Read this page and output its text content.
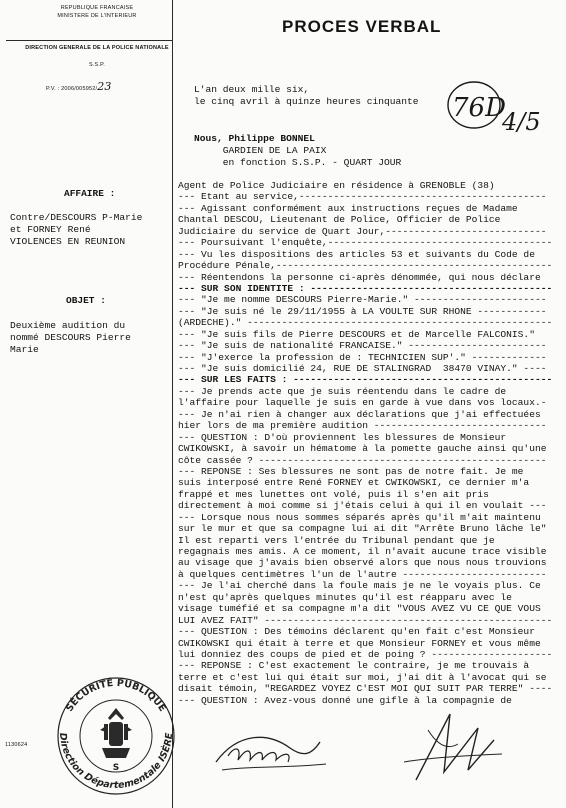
REPUBLIQUE FRANCAISE
MINISTERE DE L'INTERIEUR
DIRECTION GENERALE DE LA POLICE NATIONALE
S.S.P.
P.V. : 2006/005952/23
PROCES VERBAL
76D
4/5
L'an deux mille six,
le cinq avril à quinze heures cinquante
Nous, Philippe BONNEL
GARDIEN DE LA PAIX
en fonction S.S.P. - QUART JOUR
AFFAIRE :
Contre/DESCOURS P-Marie
et FORNEY René
VIOLENCES EN REUNION
OBJET :
Deuxième audition du
nommé DESCOURS Pierre
Marie
Agent de Police Judiciaire en résidence à GRENOBLE (38)
--- Etant au service,-------------------------------------------
--- Agissant conformément aux instructions reçues de Madame
Chantal DESCOU, Lieutenant de Police, Officier de Police
Judiciaire du service de Quart Jour,----------------------------
--- Poursuivant l'enquête,---------------------------------------
--- Vu les dispositions des articles 53 et suivants du Code de
Procédure Pénale,------------------------------------------------
--- Réentendons la personne ci-après dénommée, qui nous déclare
--- SUR SON IDENTITE : ------------------------------------------
--- "Je me nomme DESCOURS Pierre-Marie." -----------------------
--- "Je suis né le 29/11/1955 à LA VOULTE SUR RHONE ------------
(ARDECHE)." -----------------------------------------------------
--- "Je suis fils de Pierre DESCOURS et de Marcelle FALCONIS."
--- "Je suis de nationalité FRANCAISE." ------------------------
--- "J'exerce la profession de : TECHNICIEN SUP'." -------------
--- "Je suis domicilié 24, RUE DE STALINGRAD  38470 VINAY." ----
--- SUR LES FAITS : ---------------------------------------------
--- Je prends acte que je suis réentendu dans le cadre de
l'affaire pour laquelle je suis en garde à vue dans vos locaux.-
--- Je n'ai rien à changer aux déclarations que j'ai effectuées
hier lors de ma première audition ------------------------------
--- QUESTION : D'où proviennent les blessures de Monsieur
CWIKOWSKI, à savoir un hématome à la pomette gauche ainsi qu'une
côte cassée ? --------------------------------------------------
--- REPONSE : Ses blessures ne sont pas de notre fait. Je me
suis interposé entre René FORNEY et CWIKOWSKI, ce dernier m'a
frappé et mes lunettes ont volé, puis il s'en ait pris
directement à moi comme si j'étais celui à qui il en voulait ---
--- Lorsque nous nous sommes séparés après qu'il m'ait maintenu
sur le mur et que sa compagne lui ai dit "Arrête Bruno lâche le"
Il est reparti vers l'entrée du Tribunal pendant que je
regagnais mes amis. A ce moment, il n'avait aucune trace visible
au visage que j'avais bien observé alors que nous nous trouvions
à quelques centimètres l'un de l'autre -------------------------
--- Je l'ai cherché dans la foule mais je ne le voyais plus. Ce
n'est qu'après quelques minutes qu'il est réapparu avec le
visage tuméfié et sa compagne m'a dit "VOUS AVEZ VU CE QUE VOUS
LUI AVEZ FAIT" --------------------------------------------------
--- QUESTION : Des témoins déclarent qu'en fait c'est Monsieur
CWIKOWSKI qui était à terre et que Monsieur FORNEY et vous même
lui donniez des coups de pied et de poing ? ---------------------
--- REPONSE : C'est exactement le contraire, je me trouvais à
terre et c'est lui qui était sur moi, j'ai dit à l'avocat qui se
disait témoin, "REGARDEZ VOYEZ C'EST MOI QUI SUIT PAR TERRE" ----
--- QUESTION : Avez-vous donné une gifle à la compagnie de
SÉCURITÉ PUBLIQUE
Direction Départementale ISÈRE
S
1130624
